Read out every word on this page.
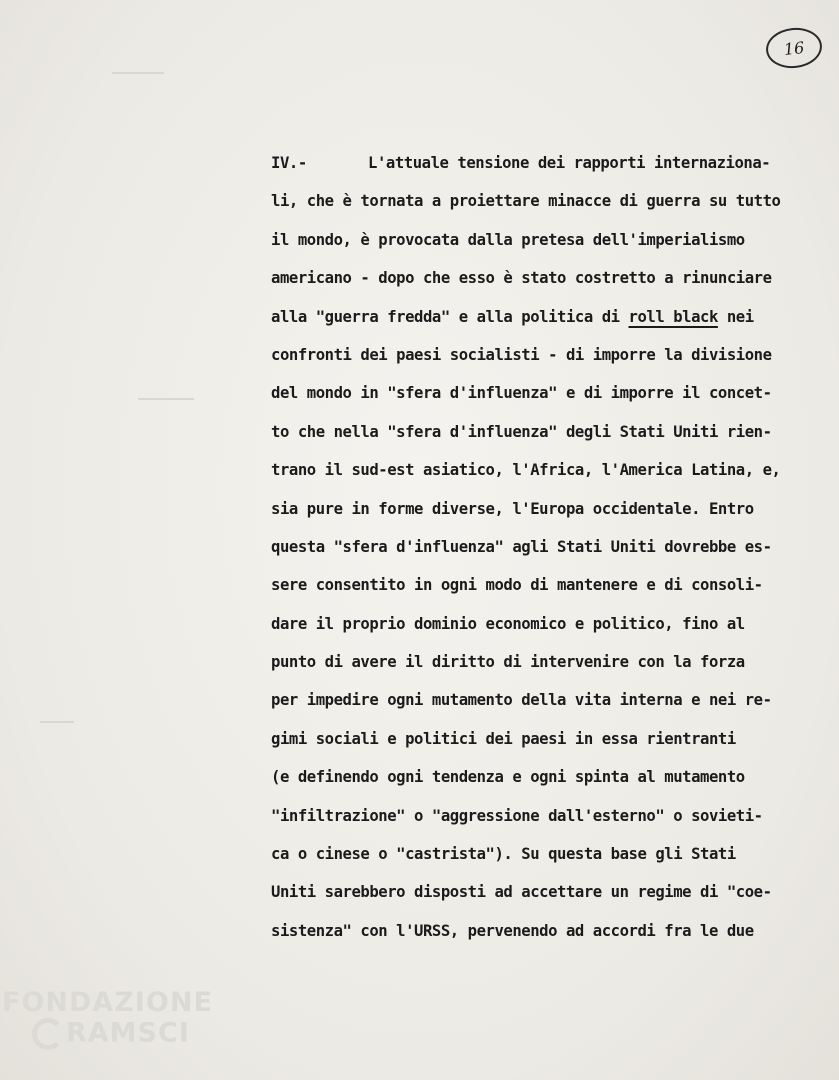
16
IV.-	L'attuale tensione dei rapporti internaziona-
li, che è tornata a proiettare minacce di guerra su tutto
il mondo, è provocata dalla pretesa dell'imperialismo
americano - dopo che esso è stato costretto a rinunciare
alla "guerra fredda" e alla politica di roll black nei
confronti dei paesi socialisti - di imporre la divisione
del mondo in "sfera d'influenza" e di imporre il concet-
to che nella "sfera d'influenza" degli Stati Uniti rien-
trano il sud-est asiatico, l'Africa, l'America Latina, e,
sia pure in forme diverse, l'Europa occidentale. Entro
questa "sfera d'influenza" agli Stati Uniti dovrebbe es-
sere consentito in ogni modo di mantenere e di consoli-
dare il proprio dominio economico e politico, fino al
punto di avere il diritto di intervenire con la forza
per impedire ogni mutamento della vita interna e nei re-
gimi sociali e politici dei paesi in essa rientranti
(e definendo ogni tendenza e ogni spinta al mutamento
"infiltrazione" o "aggressione dall'esterno" o sovieti-
ca o cinese o "castrista"). Su questa base gli Stati
Uniti sarebbero disposti ad accettare un regime di "coe-
sistenza" con l'URSS, pervenendo ad accordi fra le due
FONDAZIONE
RAMSCI
